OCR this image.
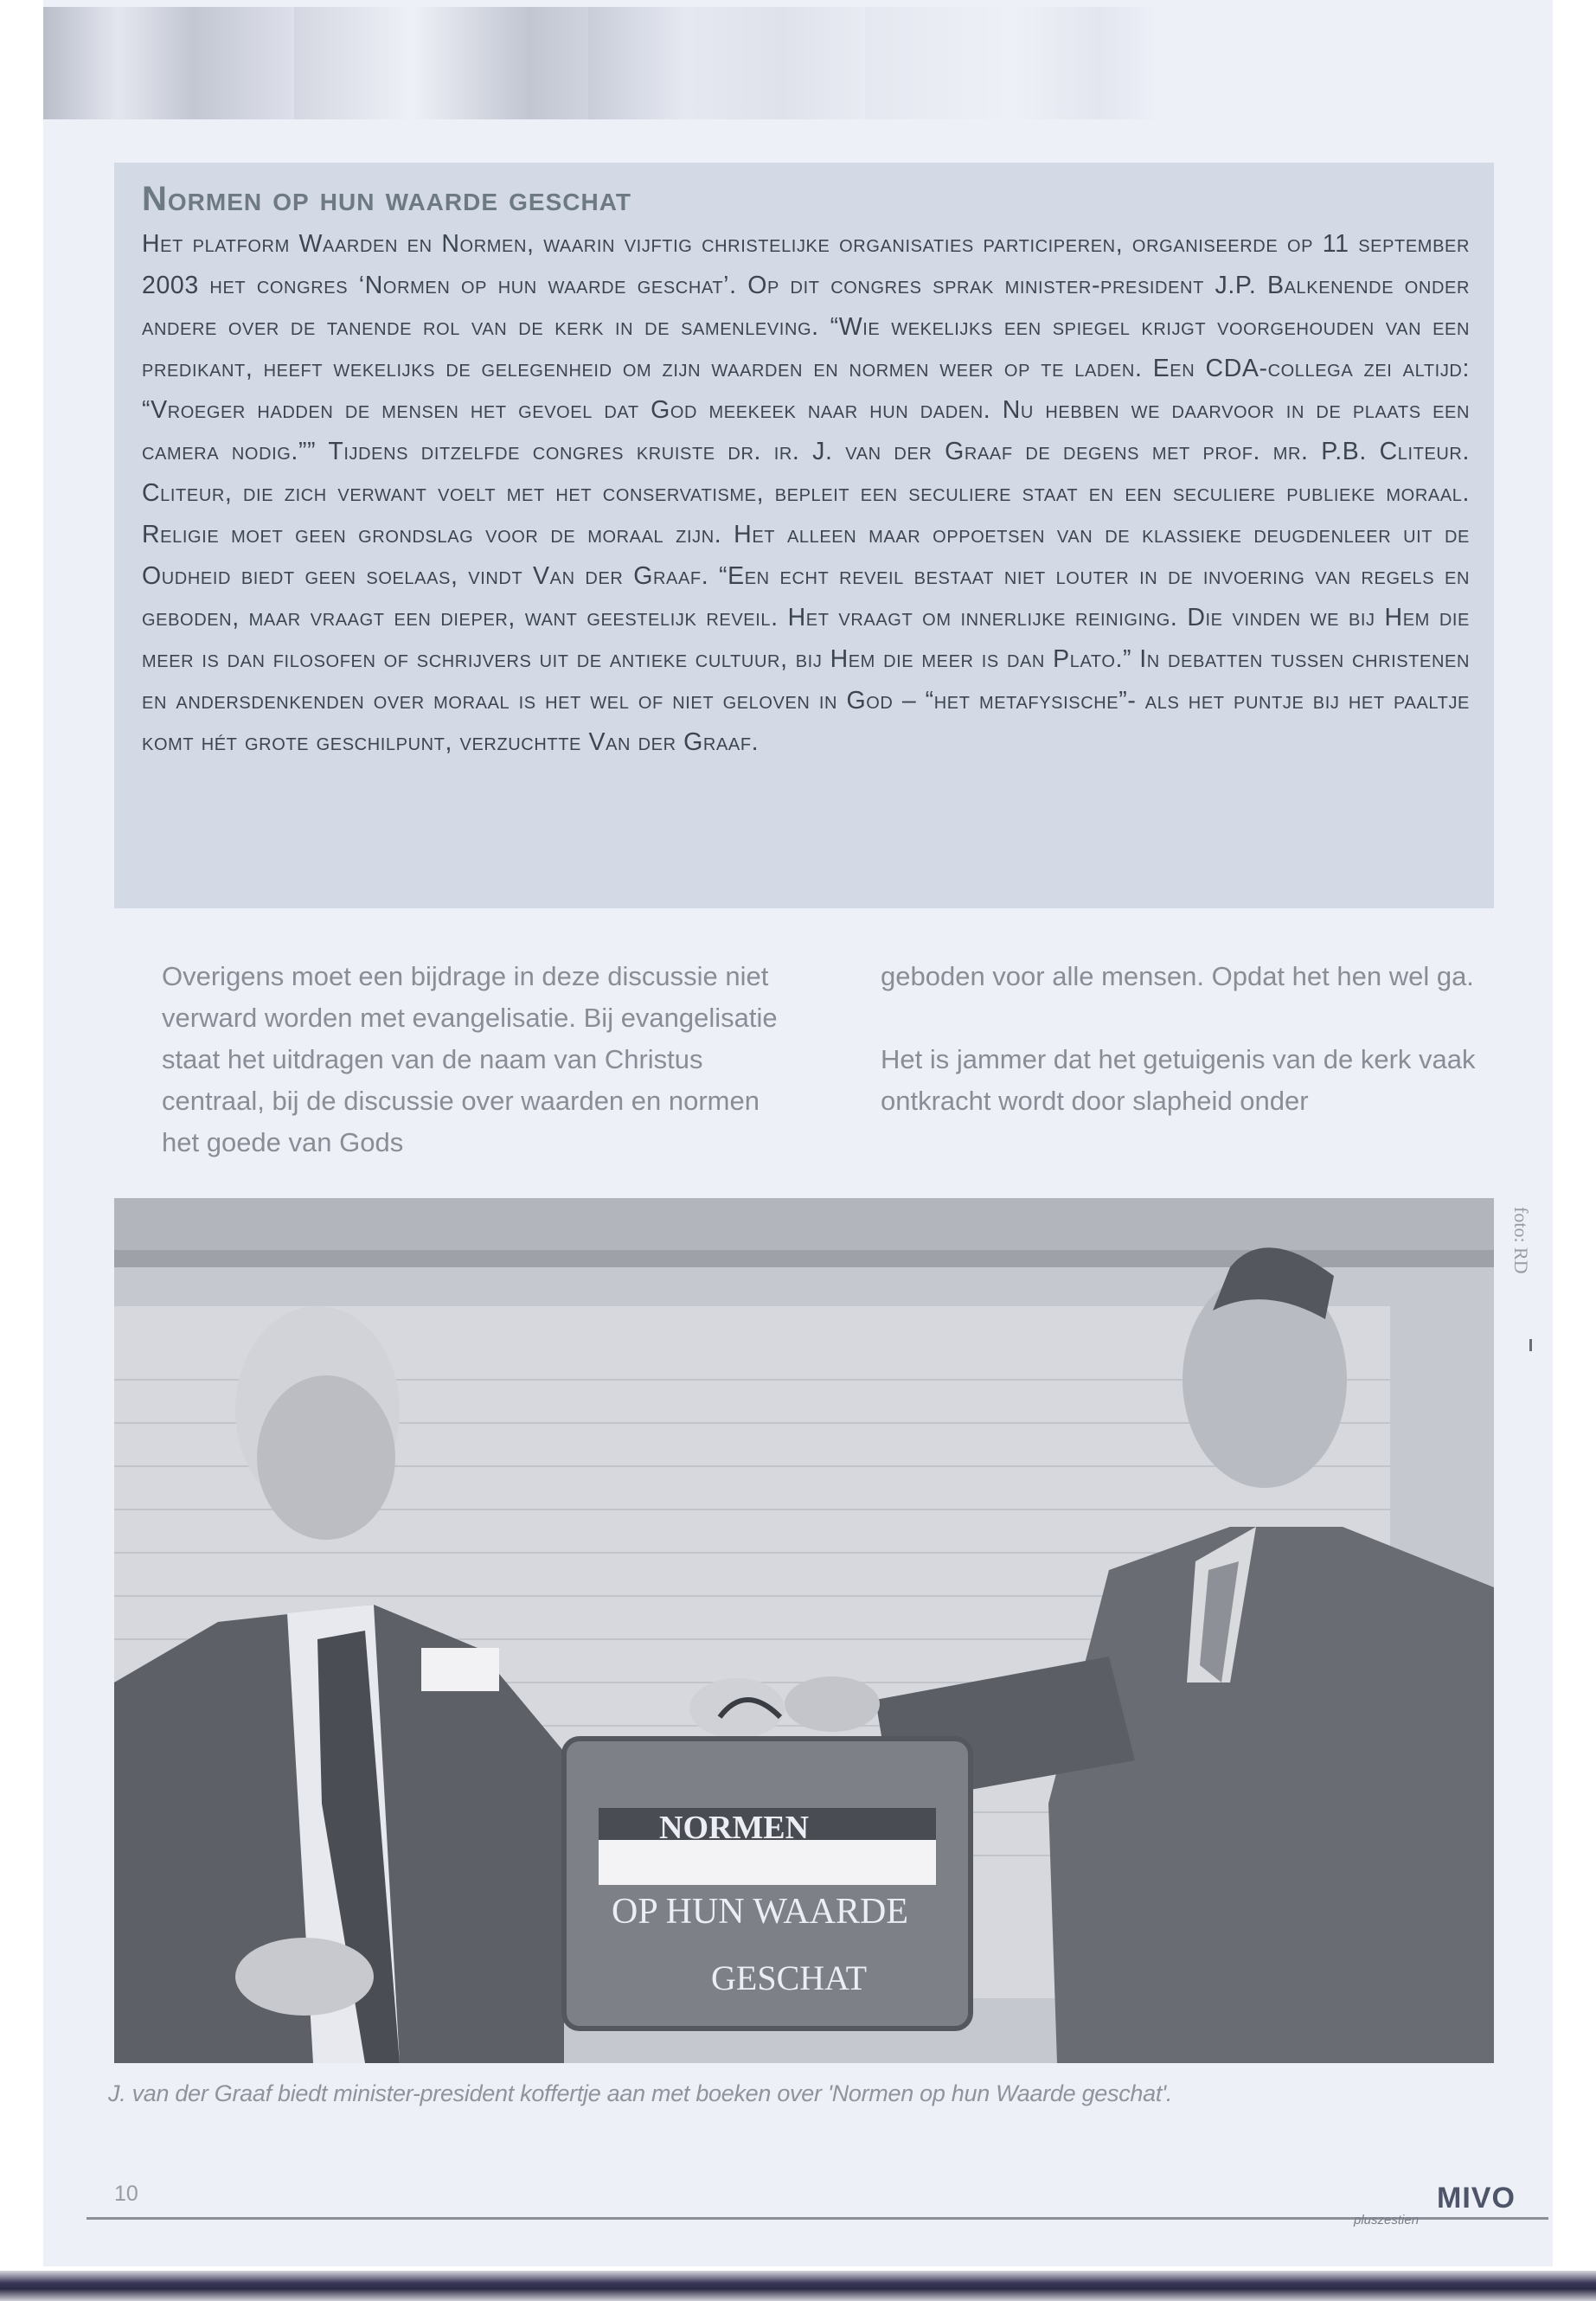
Normen op hun waarde geschat

Het platform Waarden en Normen, waarin vijftig christelijke organisaties participeren, organiseerde op 11 september 2003 het congres ‘Normen op hun waarde geschat’. Op dit congres sprak minister-president J.P. Balkenende onder andere over de tanende rol van de kerk in de samenleving. “Wie wekelijks een spiegel krijgt voorgehouden van een predikant, heeft wekelijks de gelegenheid om zijn waarden en normen weer op te laden. Een CDA-collega zei altijd: “Vroeger hadden de mensen het gevoel dat God meekeek naar hun daden. Nu hebben we daarvoor in de plaats een camera nodig.”” Tijdens ditzelfde congres kruiste dr. ir. J. van der Graaf de degens met prof. mr. P.B. Cliteur. Cliteur, die zich verwant voelt met het conservatisme, bepleit een seculiere staat en een seculiere publieke moraal. Religie moet geen grondslag voor de moraal zijn. Het alleen maar oppoetsen van de klassieke deugdenleer uit de Oudheid biedt geen soelaas, vindt Van der Graaf. “Een echt reveil bestaat niet louter in de invoering van regels en geboden, maar vraagt een dieper, want geestelijk reveil. Het vraagt om innerlijke reiniging. Die vinden we bij Hem die meer is dan filosofen of schrijvers uit de antieke cultuur, bij Hem die meer is dan Plato.” In debatten tussen christenen en andersdenkenden over moraal is het wel of niet geloven in God – “het metafysische”- als het puntje bij het paaltje komt hét grote geschilpunt, verzuchtte Van der Graaf.

Overigens moet een bijdrage in deze discussie niet verward worden met evangelisatie. Bij evangelisatie staat het uitdragen van de naam van Christus centraal, bij de discussie over waarden en normen het goede van Gods

geboden voor alle mensen. Opdat het hen wel ga.

Het is jammer dat het getuigenis van de kerk vaak ontkracht wordt door slapheid onder

NORMEN
OP HUN WAARDE
GESCHAT
foto: RD
J. van der Graaf biedt minister-president koffertje aan met boeken over 'Normen op hun Waarde geschat'.
10
pluszestien
MIVO
